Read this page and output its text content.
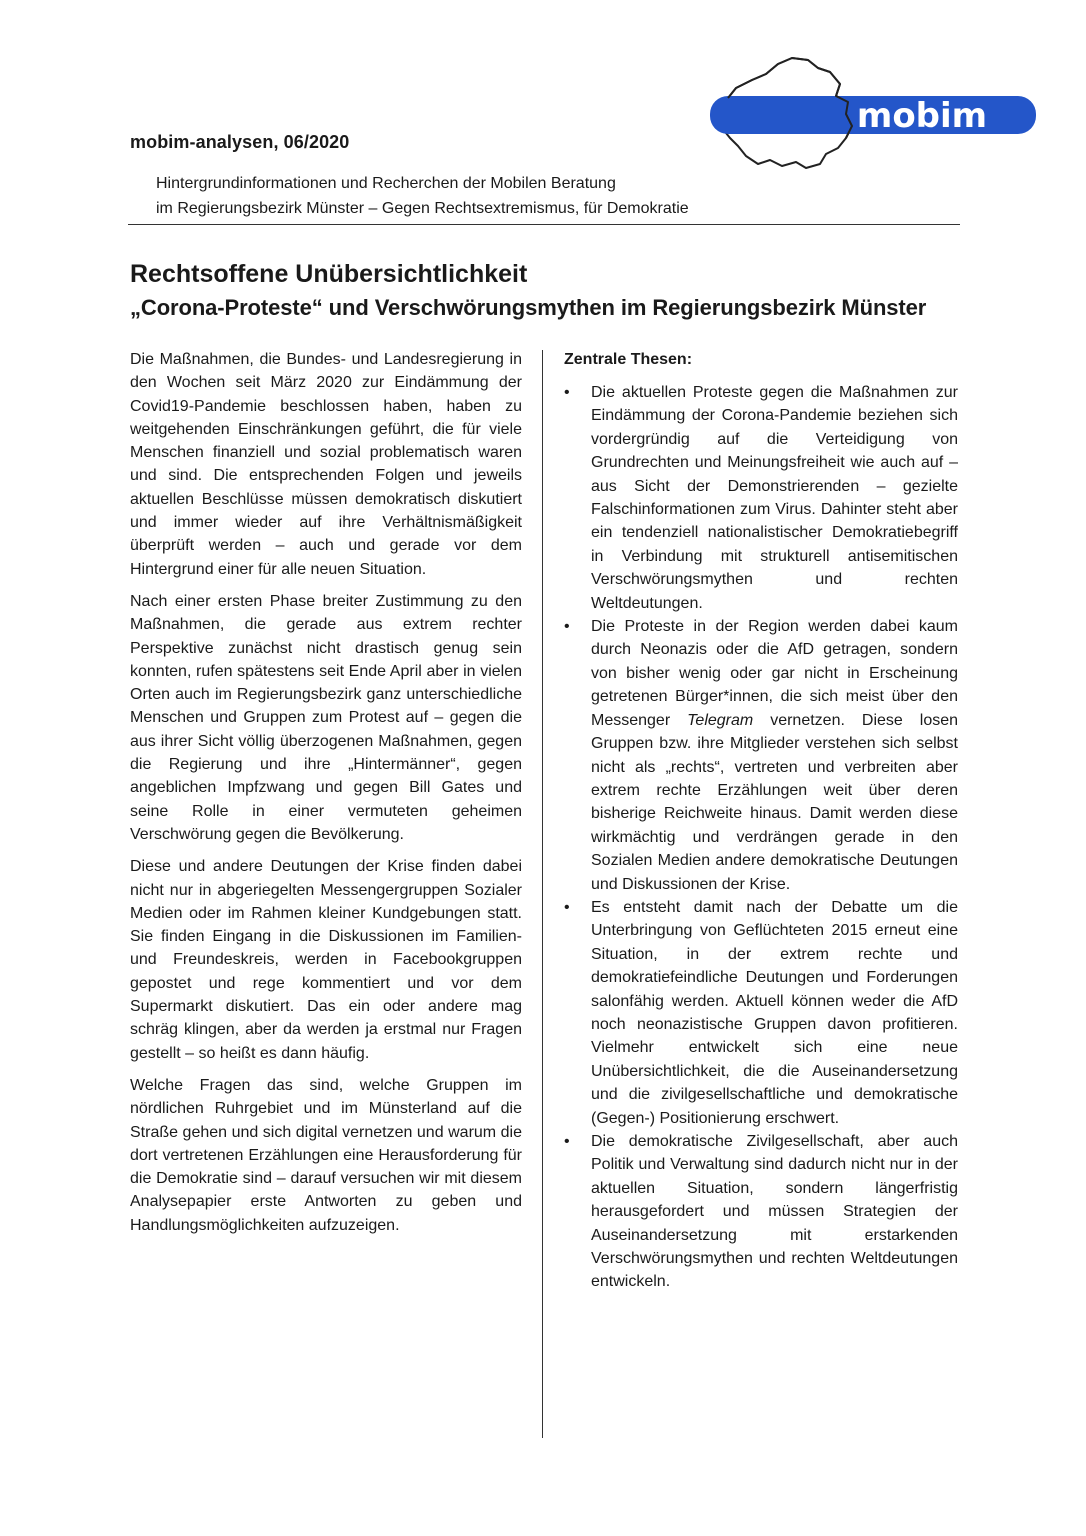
mobim
mobim-analysen, 06/2020
Hintergrundinformationen und Recherchen der Mobilen Beratung
im Regierungsbezirk Münster – Gegen Rechtsextremismus, für Demokratie
Rechtsoffene Unübersichtlichkeit
„Corona-Proteste“ und Verschwörungsmythen im Regierungsbezirk Münster

Die Maßnahmen, die Bundes- und Landesregierung in den Wochen seit März 2020 zur Eindämmung der Covid19-Pandemie beschlossen haben, haben zu weitgehenden Einschränkungen geführt, die für viele Menschen finanziell und sozial problematisch waren und sind. Die entsprechenden Folgen und jeweils aktuellen Beschlüsse müssen demokratisch diskutiert und immer wieder auf ihre Verhältnismäßigkeit überprüft werden – auch und gerade vor dem Hintergrund einer für alle neuen Situation.

Nach einer ersten Phase breiter Zustimmung zu den Maßnahmen, die gerade aus extrem rechter Perspektive zunächst nicht drastisch genug sein konnten, rufen spätestens seit Ende April aber in vielen Orten auch im Regierungsbezirk ganz unterschiedliche Menschen und Gruppen zum Protest auf – gegen die aus ihrer Sicht völlig überzogenen Maßnahmen, gegen die Regierung und ihre „Hintermänner“, gegen angeblichen Impfzwang und gegen Bill Gates und seine Rolle in einer vermuteten geheimen Verschwörung gegen die Bevölkerung.

Diese und andere Deutungen der Krise finden dabei nicht nur in abgeriegelten Messengergruppen Sozialer Medien oder im Rahmen kleiner Kundgebungen statt. Sie finden Eingang in die Diskussionen im Familien- und Freundeskreis, werden in Facebookgruppen gepostet und rege kommentiert und vor dem Supermarkt diskutiert. Das ein oder andere mag schräg klingen, aber da werden ja erstmal nur Fragen gestellt – so heißt es dann häufig.

Welche Fragen das sind, welche Gruppen im nördlichen Ruhrgebiet und im Münsterland auf die Straße gehen und sich digital vernetzen und warum die dort vertretenen Erzählungen eine Herausforderung für die Demokratie sind – darauf versuchen wir mit diesem Analysepapier erste Antworten zu geben und Handlungsmöglichkeiten aufzuzeigen.

Zentrale Thesen:
• Die aktuellen Proteste gegen die Maßnahmen zur Eindämmung der Corona-Pandemie beziehen sich vordergründig auf die Verteidigung von Grundrechten und Meinungsfreiheit wie auch auf – aus Sicht der Demonstrierenden – gezielte Falschinformationen zum Virus. Dahinter steht aber ein tendenziell nationalistischer Demokratiebegriff in Verbindung mit strukturell antisemitischen Verschwörungsmythen und rechten Weltdeutungen.
• Die Proteste in der Region werden dabei kaum durch Neonazis oder die AfD getragen, sondern von bisher wenig oder gar nicht in Erscheinung getretenen Bürger*innen, die sich meist über den Messenger Telegram vernetzen. Diese losen Gruppen bzw. ihre Mitglieder verstehen sich selbst nicht als „rechts“, vertreten und verbreiten aber extrem rechte Erzählungen weit über deren bisherige Reichweite hinaus. Damit werden diese wirkmächtig und verdrängen gerade in den Sozialen Medien andere demokratische Deutungen und Diskussionen der Krise.
• Es entsteht damit nach der Debatte um die Unterbringung von Geflüchteten 2015 erneut eine Situation, in der extrem rechte und demokratiefeindliche Deutungen und Forderungen salonfähig werden. Aktuell können weder die AfD noch neonazistische Gruppen davon profitieren. Vielmehr entwickelt sich eine neue Unübersichtlichkeit, die die Auseinandersetzung und die zivilgesellschaftliche und demokratische (Gegen-) Positionierung erschwert.
• Die demokratische Zivilgesellschaft, aber auch Politik und Verwaltung sind dadurch nicht nur in der aktuellen Situation, sondern längerfristig herausgefordert und müssen Strategien der Auseinandersetzung mit erstarkenden Verschwörungsmythen und rechten Weltdeutungen entwickeln.
